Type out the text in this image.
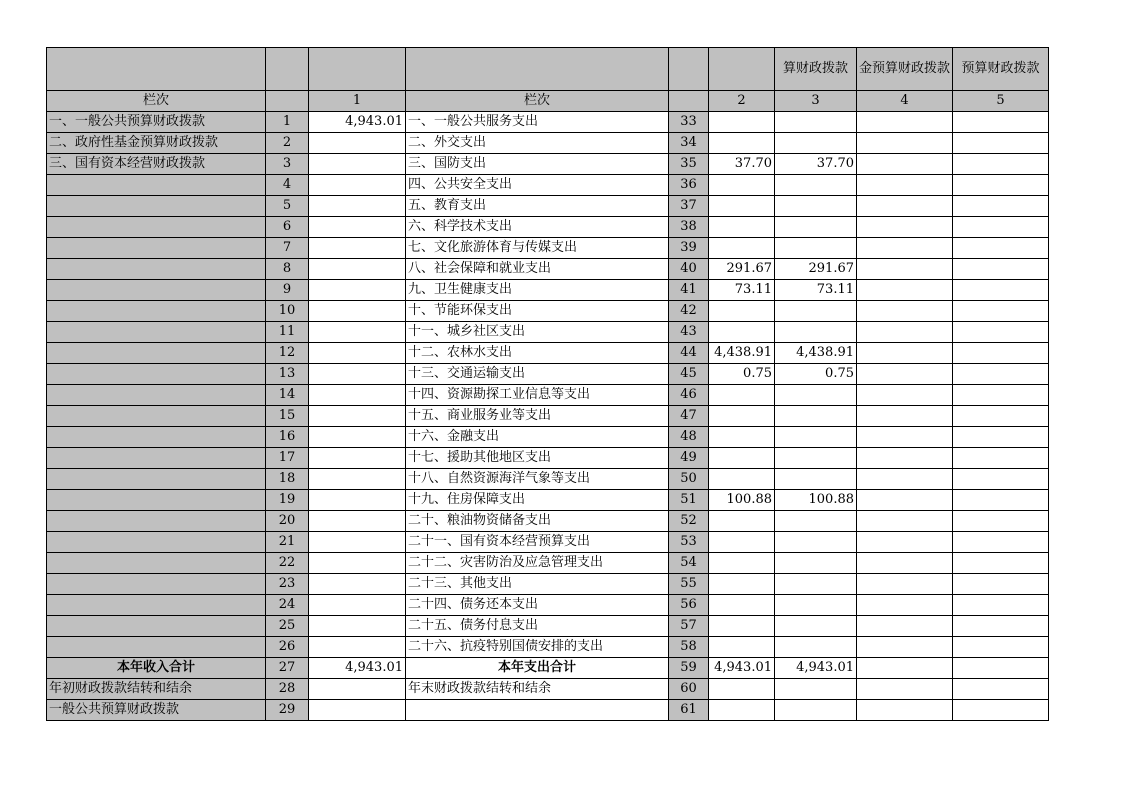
						算财政拨款	金预算财政拨款	预算财政拨款
栏次		1	栏次		2	3	4	5
一、一般公共预算财政拨款	1	4,943.01	一、一般公共服务支出	33				
二、政府性基金预算财政拨款	2		二、外交支出	34				
三、国有资本经营财政拨款	3		三、国防支出	35	37.70	37.70		
	4		四、公共安全支出	36				
	5		五、教育支出	37				
	6		六、科学技术支出	38				
	7		七、文化旅游体育与传媒支出	39				
	8		八、社会保障和就业支出	40	291.67	291.67		
	9		九、卫生健康支出	41	73.11	73.11		
	10		十、节能环保支出	42				
	11		十一、城乡社区支出	43				
	12		十二、农林水支出	44	4,438.91	4,438.91		
	13		十三、交通运输支出	45	0.75	0.75		
	14		十四、资源勘探工业信息等支出	46				
	15		十五、商业服务业等支出	47				
	16		十六、金融支出	48				
	17		十七、援助其他地区支出	49				
	18		十八、自然资源海洋气象等支出	50				
	19		十九、住房保障支出	51	100.88	100.88		
	20		二十、粮油物资储备支出	52				
	21		二十一、国有资本经营预算支出	53				
	22		二十二、灾害防治及应急管理支出	54				
	23		二十三、其他支出	55				
	24		二十四、债务还本支出	56				
	25		二十五、债务付息支出	57				
	26		二十六、抗疫特别国债安排的支出	58				
本年收入合计	27	4,943.01	本年支出合计	59	4,943.01	4,943.01		
年初财政拨款结转和结余	28		年末财政拨款结转和结余	60				
一般公共预算财政拨款	29			61				
